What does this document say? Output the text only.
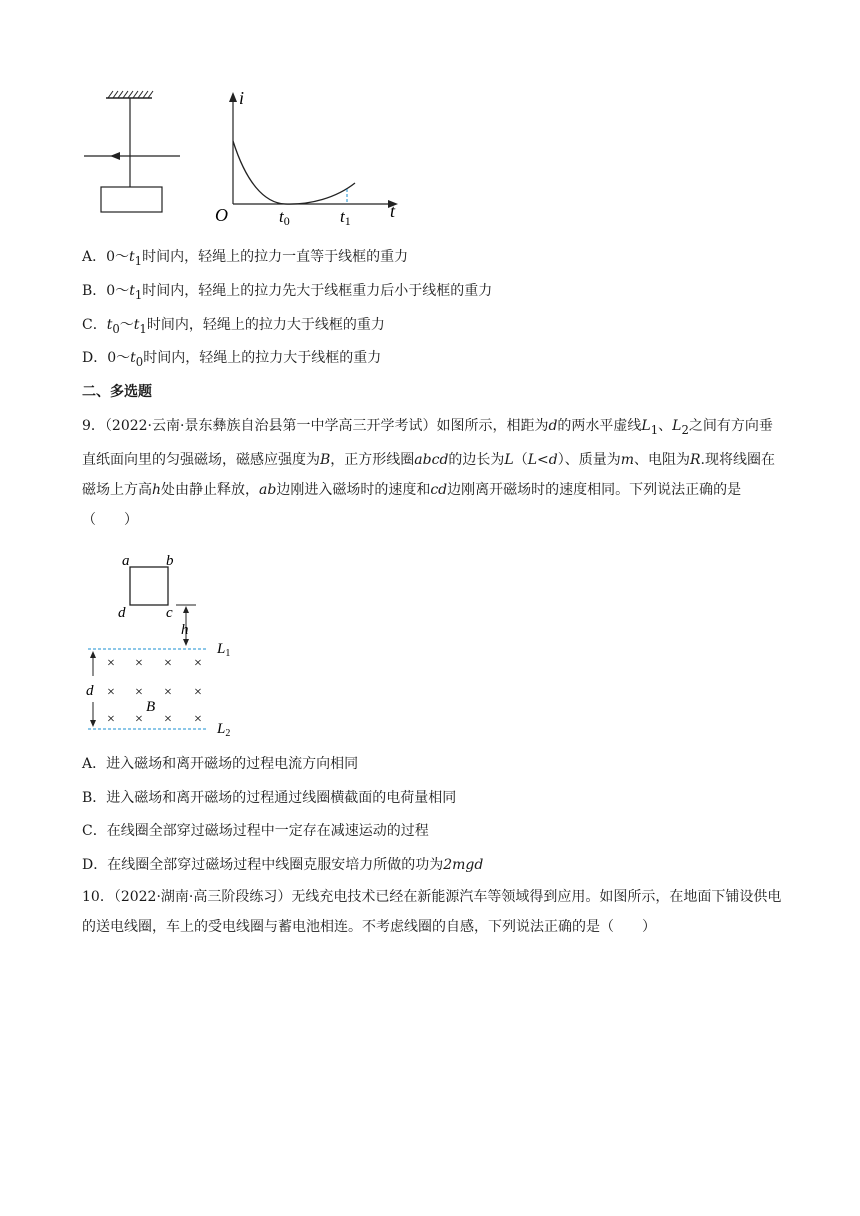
i
t
O	t0	t1
A．$0\sim t_1$时间内，轻绳上的拉力一直等于线框的重力
B．$0\sim t_1$时间内，轻绳上的拉力先大于线框重力后小于线框的重力
C．$t_0\sim t_1$时间内，轻绳上的拉力大于线框的重力
D．$0\sim t_0$时间内，轻绳上的拉力大于线框的重力
二、多选题
9．（2022·云南·景东彝族自治县第一中学高三开学考试）如图所示，相距为d的两水平虚线$L_1$、$L_2$之间有方向垂直纸面向里的匀强磁场，磁感应强度为B，正方形线圈abcd的边长为L（L<d）、质量为m、电阻为R.现将线圈在磁场上方高h处由静止释放，ab边刚进入磁场时的速度和cd边刚离开磁场时的速度相同。下列说法正确的是（　　）
a b
d	c
h
$L_1$
$L_2$
d
× × × ×
× × × ×
× × × ×
B
A．进入磁场和离开磁场的过程电流方向相同
B．进入磁场和离开磁场的过程通过线圈横截面的电荷量相同
C．在线圈全部穿过磁场过程中一定存在减速运动的过程
D．在线圈全部穿过磁场过程中线圈克服安培力所做的功为2mgd
10．（2022·湖南·高三阶段练习）无线充电技术已经在新能源汽车等领域得到应用。如图所示，在地面下铺设供电的送电线圈，车上的受电线圈与蓄电池相连。不考虑线圈的自感，下列说法正确的是（　　）
